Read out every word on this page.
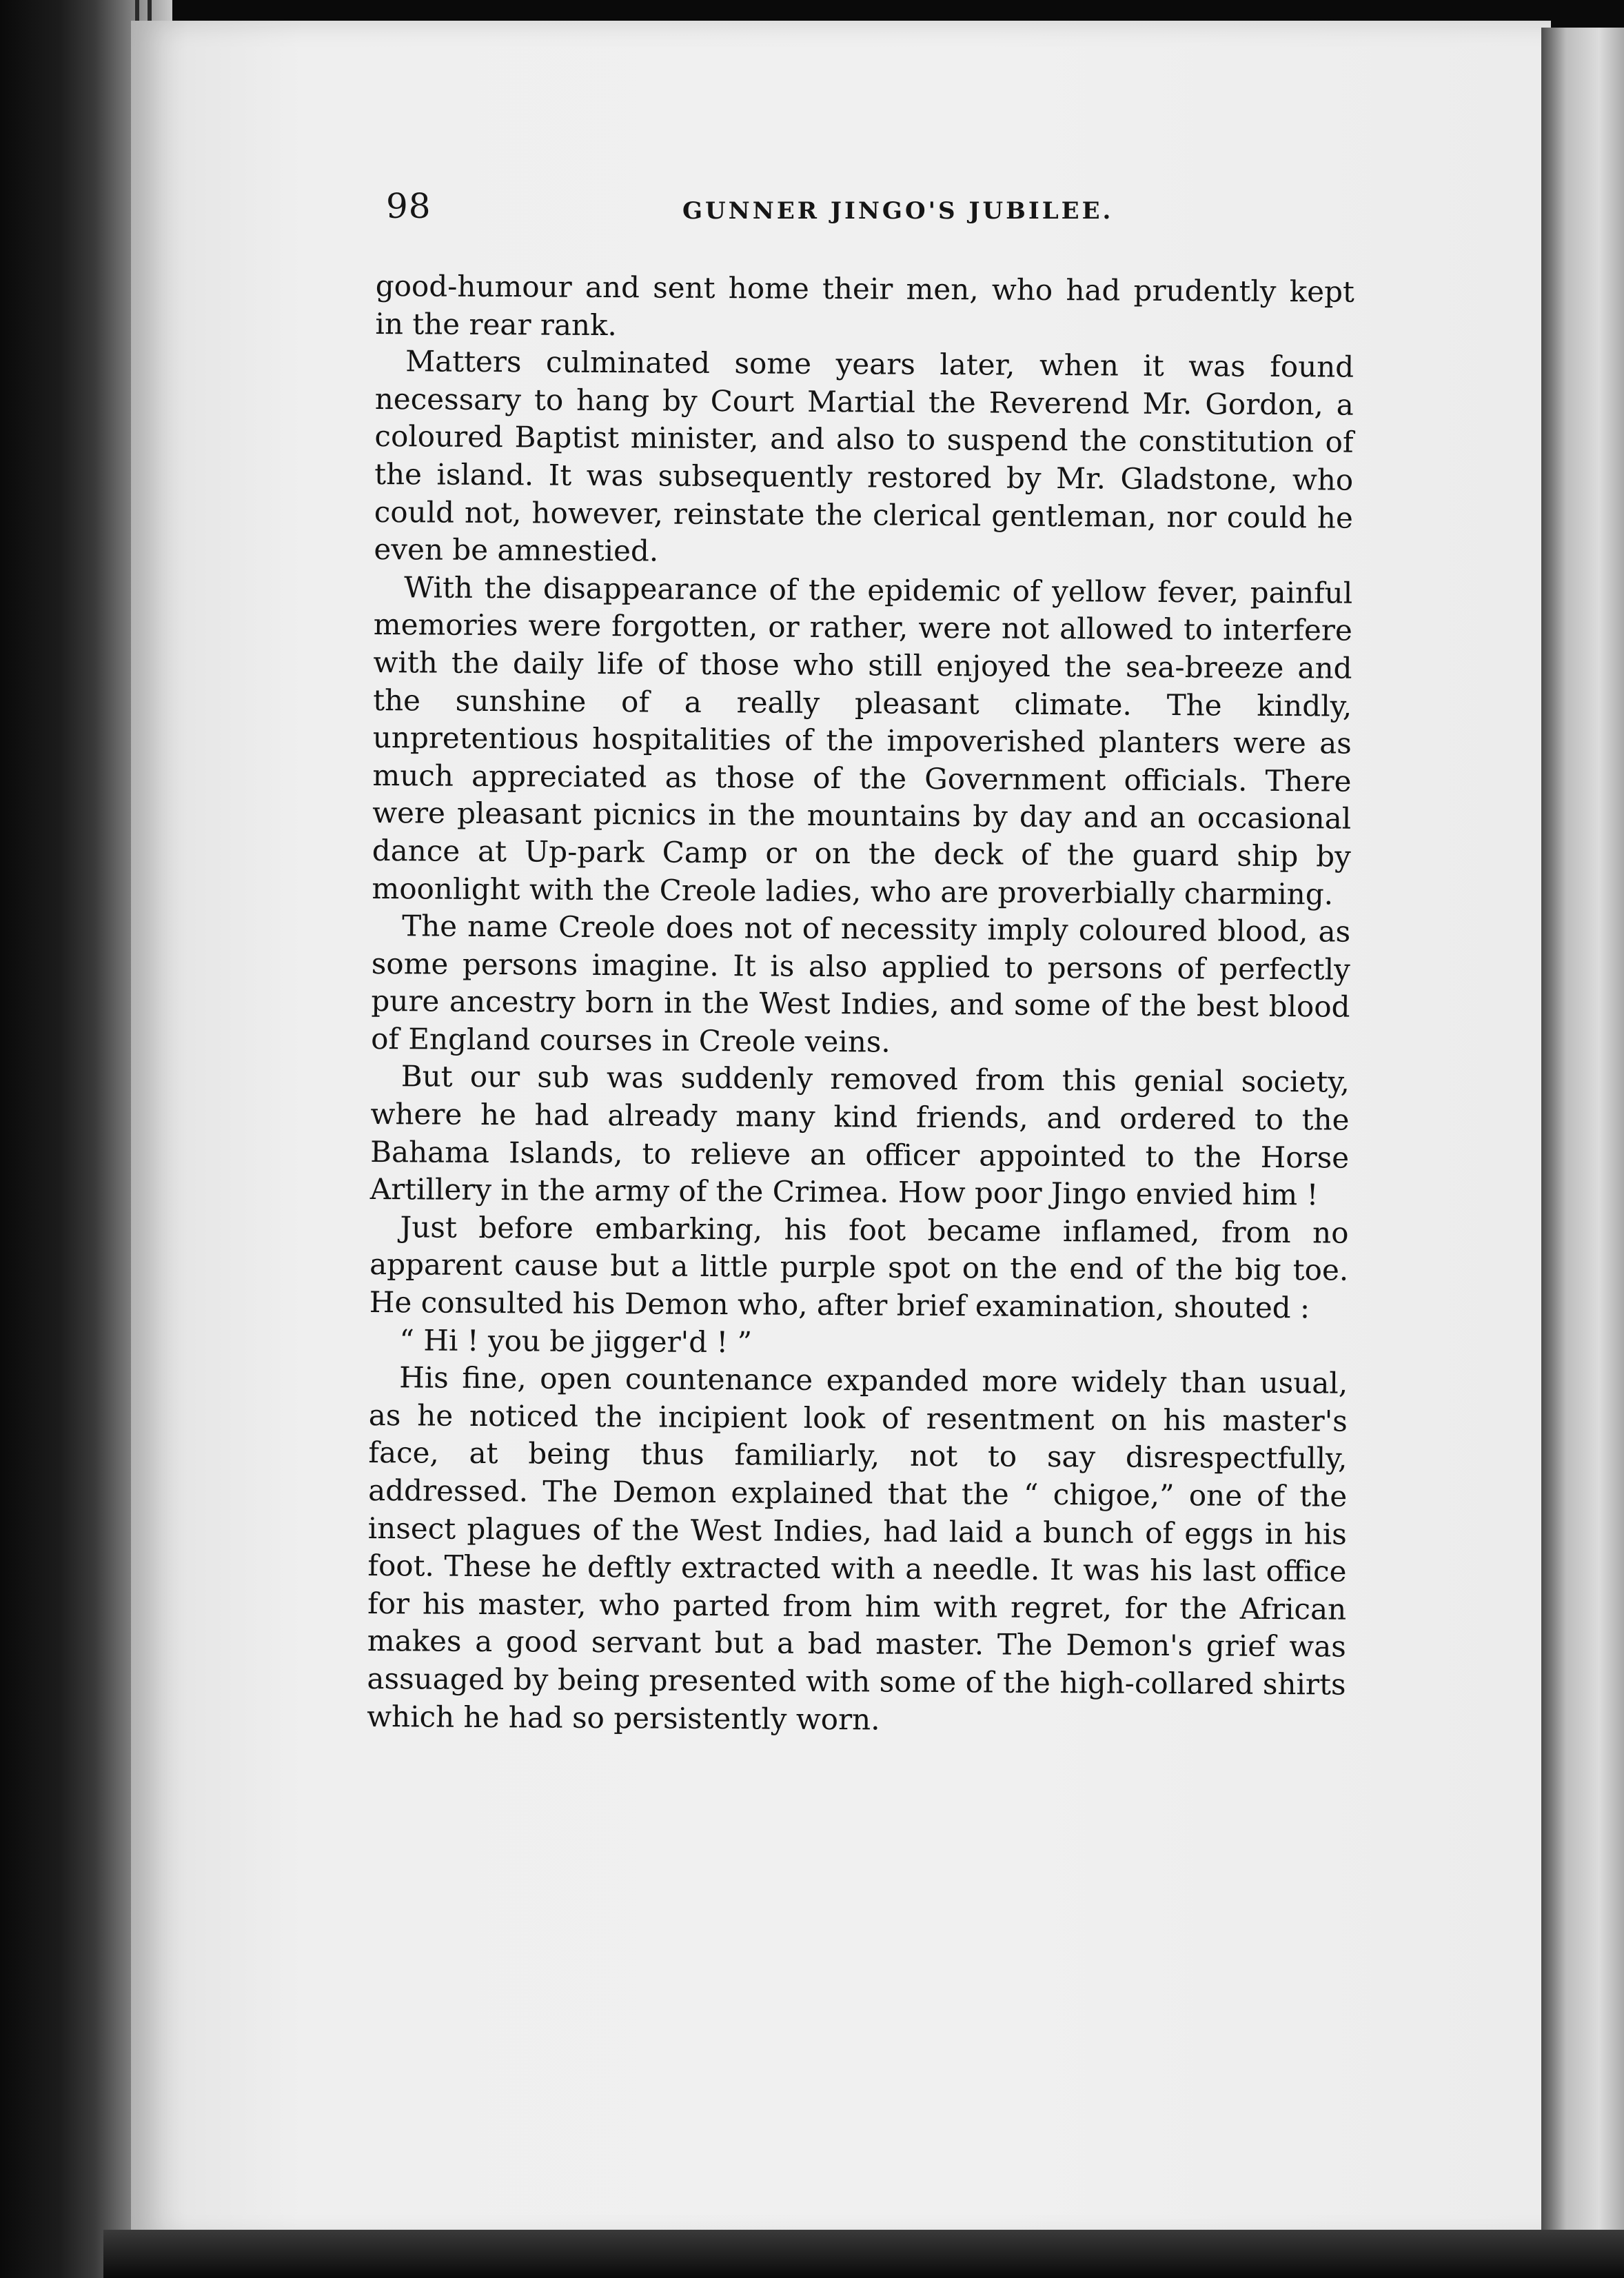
98	GUNNER JINGO'S JUBILEE.

good-humour and sent home their men, who had prudently kept in the rear rank.

Matters culminated some years later, when it was found necessary to hang by Court Martial the Reverend Mr. Gordon, a coloured Baptist minister, and also to suspend the constitution of the island. It was subsequently restored by Mr. Gladstone, who could not, however, reinstate the clerical gentleman, nor could he even be amnestied.

With the disappearance of the epidemic of yellow fever, painful memories were forgotten, or rather, were not allowed to interfere with the daily life of those who still enjoyed the sea-breeze and the sunshine of a really pleasant climate. The kindly, unpretentious hospitalities of the impoverished planters were as much appreciated as those of the Government officials. There were pleasant picnics in the mountains by day and an occasional dance at Up-park Camp or on the deck of the guard ship by moonlight with the Creole ladies, who are proverbially charming.

The name Creole does not of necessity imply coloured blood, as some persons imagine. It is also applied to persons of perfectly pure ancestry born in the West Indies, and some of the best blood of England courses in Creole veins.

But our sub was suddenly removed from this genial society, where he had already many kind friends, and ordered to the Bahama Islands, to relieve an officer appointed to the Horse Artillery in the army of the Crimea. How poor Jingo envied him !

Just before embarking, his foot became inflamed, from no apparent cause but a little purple spot on the end of the big toe. He consulted his Demon who, after brief examination, shouted :

“ Hi ! you be jigger'd ! ”

His fine, open countenance expanded more widely than usual, as he noticed the incipient look of resentment on his master's face, at being thus familiarly, not to say disrespectfully, addressed. The Demon explained that the “ chigoe,” one of the insect plagues of the West Indies, had laid a bunch of eggs in his foot. These he deftly extracted with a needle. It was his last office for his master, who parted from him with regret, for the African makes a good servant but a bad master. The Demon's grief was assuaged by being presented with some of the high-collared shirts which he had so persistently worn.
